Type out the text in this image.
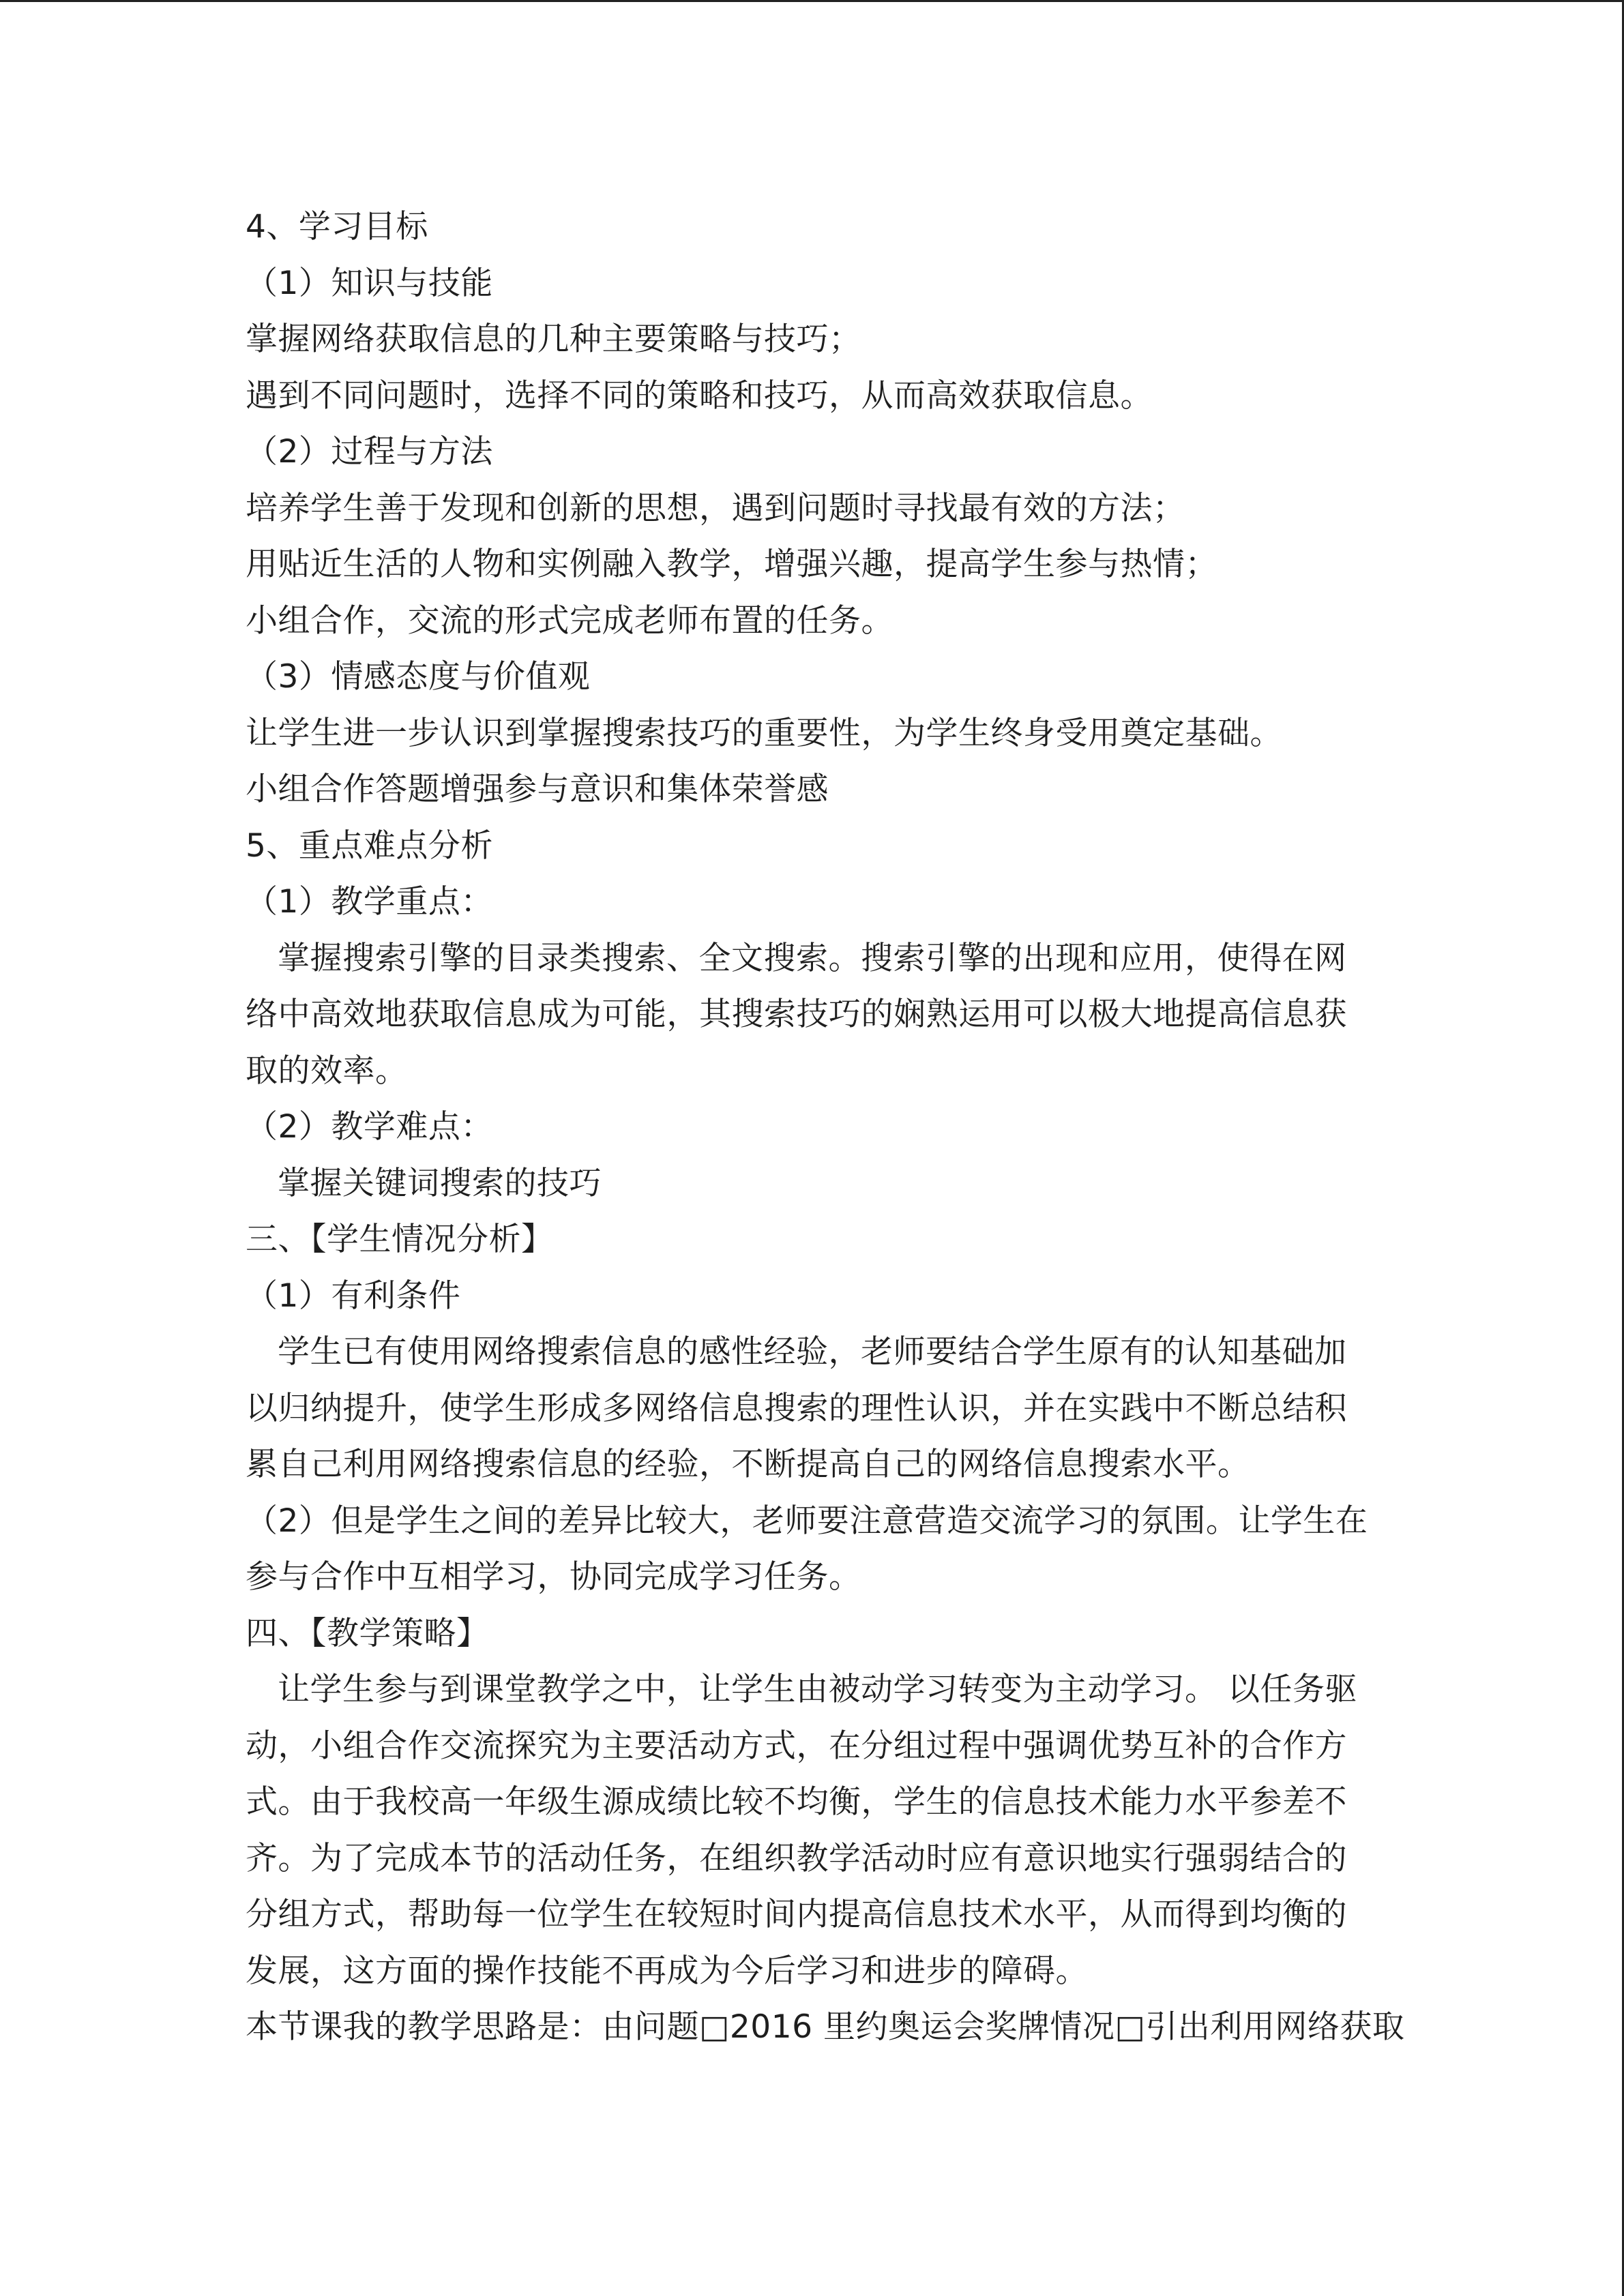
4、学习目标
（1）知识与技能
掌握网络获取信息的几种主要策略与技巧；
遇到不同问题时，选择不同的策略和技巧，从而高效获取信息。
（2）过程与方法
培养学生善于发现和创新的思想，遇到问题时寻找最有效的方法；
用贴近生活的人物和实例融入教学，增强兴趣，提高学生参与热情；
小组合作，交流的形式完成老师布置的任务。
（3）情感态度与价值观
让学生进一步认识到掌握搜索技巧的重要性，为学生终身受用奠定基础。
小组合作答题增强参与意识和集体荣誉感
5、重点难点分析
（1）教学重点：
掌握搜索引擎的目录类搜索、全文搜索。搜索引擎的出现和应用，使得在网
络中高效地获取信息成为可能，其搜索技巧的娴熟运用可以极大地提高信息获
取的效率。
（2）教学难点：
掌握关键词搜索的技巧
三、【学生情况分析】
（1）有利条件
学生已有使用网络搜索信息的感性经验，老师要结合学生原有的认知基础加
以归纳提升，使学生形成多网络信息搜索的理性认识，并在实践中不断总结积
累自己利用网络搜索信息的经验，不断提高自己的网络信息搜索水平。
（2）但是学生之间的差异比较大，老师要注意营造交流学习的氛围。让学生在
参与合作中互相学习，协同完成学习任务。
四、【教学策略】
让学生参与到课堂教学之中，让学生由被动学习转变为主动学习。 以任务驱
动，小组合作交流探究为主要活动方式，在分组过程中强调优势互补的合作方
式。由于我校高一年级生源成绩比较不均衡，学生的信息技术能力水平参差不
齐。为了完成本节的活动任务，在组织教学活动时应有意识地实行强弱结合的
分组方式，帮助每一位学生在较短时间内提高信息技术水平，从而得到均衡的
发展，这方面的操作技能不再成为今后学习和进步的障碍。
本节课我的教学思路是：由问题□2016 里约奥运会奖牌情况□引出利用网络获取
